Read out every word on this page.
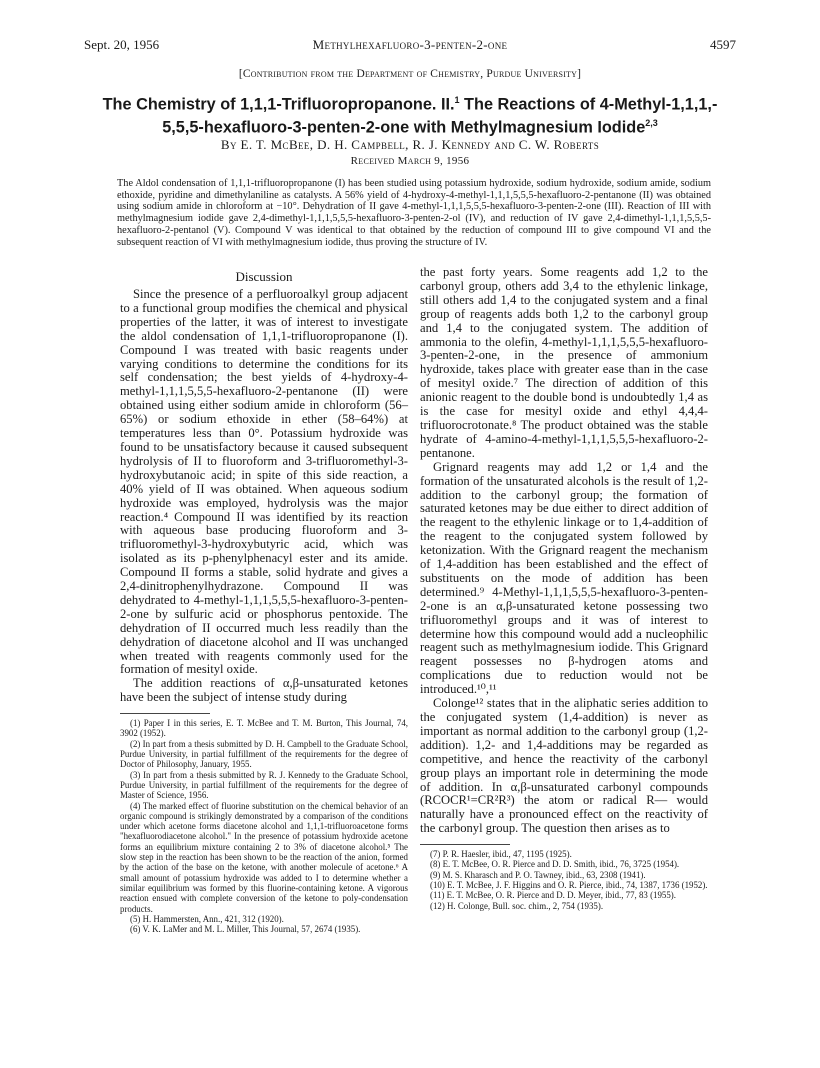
Sept. 20, 1956	Methylhexafluoro-3-penten-2-one	4597
[Contribution from the Department of Chemistry, Purdue University]
The Chemistry of 1,1,1-Trifluoropropanone. II.$^1$ The Reactions of 4-Methyl-1,1,1,-
5,5,5-hexafluoro-3-penten-2-one with Methylmagnesium Iodide$^{2,3}$
By E. T. McBee, D. H. Campbell, R. J. Kennedy and C. W. Roberts
Received March 9, 1956
The Aldol condensation of 1,1,1-trifluoropropanone (I) has been studied using potassium hydroxide, sodium hydroxide, sodium amide, sodium ethoxide, pyridine and dimethylaniline as catalysts. A 56% yield of 4-hydroxy-4-methyl-1,1,1,5,5,5-hexafluoro-2-pentanone (II) was obtained using sodium amide in chloroform at −10°. Dehydration of II gave 4-methyl-1,1,1,5,5,5-hexafluoro-3-penten-2-one (III). Reaction of III with methylmagnesium iodide gave 2,4-dimethyl-1,1,1,5,5,5-hexafluoro-3-penten-2-ol (IV), and reduction of IV gave 2,4-dimethyl-1,1,1,5,5,5-hexafluoro-2-pentanol (V). Compound V was identical to that obtained by the reduction of compound III to give compound VI and the subsequent reaction of VI with methylmagnesium iodide, thus proving the structure of IV.
Discussion

Since the presence of a perfluoroalkyl group adjacent to a functional group modifies the chemical and physical properties of the latter, it was of interest to investigate the aldol condensation of 1,1,1-trifluoropropanone (I). Compound I was treated with basic reagents under varying conditions to determine the conditions for its self condensation; the best yields of 4-hydroxy-4-methyl-1,1,1,5,5,5-hexafluoro-2-pentanone (II) were obtained using either sodium amide in chloroform (56–65%) or sodium ethoxide in ether (58–64%) at temperatures less than 0°. Potassium hydroxide was found to be unsatisfactory because it caused subsequent hydrolysis of II to fluoroform and 3-trifluoromethyl-3-hydroxybutanoic acid; in spite of this side reaction, a 40% yield of II was obtained. When aqueous sodium hydroxide was employed, hydrolysis was the major reaction.⁴ Compound II was identified by its reaction with aqueous base producing fluoroform and 3-trifluoromethyl-3-hydroxybutyric acid, which was isolated as its p-phenylphenacyl ester and its amide. Compound II forms a stable, solid hydrate and gives a 2,4-dinitrophenylhydrazone. Compound II was dehydrated to 4-methyl-1,1,1,5,5,5-hexafluoro-3-penten-2-one by sulfuric acid or phosphorus pentoxide. The dehydration of II occurred much less readily than the dehydration of diacetone alcohol and II was unchanged when treated with reagents commonly used for the formation of mesityl oxide.

The addition reactions of α,β-unsaturated ketones have been the subject of intense study during

(1) Paper I in this series, E. T. McBee and T. M. Burton, This Journal, 74, 3902 (1952).

(2) In part from a thesis submitted by D. H. Campbell to the Graduate School, Purdue University, in partial fulfillment of the requirements for the degree of Doctor of Philosophy, January, 1955.

(3) In part from a thesis submitted by R. J. Kennedy to the Graduate School, Purdue University, in partial fulfillment of the requirements for the degree of Master of Science, 1956.

(4) The marked effect of fluorine substitution on the chemical behavior of an organic compound is strikingly demonstrated by a comparison of the conditions under which acetone forms diacetone alcohol and 1,1,1-trifluoroacetone forms "hexafluorodiacetone alcohol." In the presence of potassium hydroxide acetone forms an equilibrium mixture containing 2 to 3% of diacetone alcohol.⁵ The slow step in the reaction has been shown to be the reaction of the anion, formed by the action of the base on the ketone, with another molecule of acetone.⁶ A small amount of potassium hydroxide was added to I to determine whether a similar equilibrium was formed by this fluorine-containing ketone. A vigorous reaction ensued with complete conversion of the ketone to poly-condensation products.

(5) H. Hammersten, Ann., 421, 312 (1920).

(6) V. K. LaMer and M. L. Miller, This Journal, 57, 2674 (1935).

the past forty years. Some reagents add 1,2 to the carbonyl group, others add 3,4 to the ethylenic linkage, still others add 1,4 to the conjugated system and a final group of reagents adds both 1,2 to the carbonyl group and 1,4 to the conjugated system. The addition of ammonia to the olefin, 4-methyl-1,1,1,5,5,5-hexafluoro-3-penten-2-one, in the presence of ammonium hydroxide, takes place with greater ease than in the case of mesityl oxide.⁷ The direction of addition of this anionic reagent to the double bond is undoubtedly 1,4 as is the case for mesityl oxide and ethyl 4,4,4-trifluorocrotonate.⁸ The product obtained was the stable hydrate of 4-amino-4-methyl-1,1,1,5,5,5-hexafluoro-2-pentanone.

Grignard reagents may add 1,2 or 1,4 and the formation of the unsaturated alcohols is the result of 1,2-addition to the carbonyl group; the formation of saturated ketones may be due either to direct addition of the reagent to the ethylenic linkage or to 1,4-addition of the reagent to the conjugated system followed by ketonization. With the Grignard reagent the mechanism of 1,4-addition has been established and the effect of substituents on the mode of addition has been determined.⁹ 4-Methyl-1,1,1,5,5,5-hexafluoro-3-penten-2-one is an α,β-unsaturated ketone possessing two trifluoromethyl groups and it was of interest to determine how this compound would add a nucleophilic reagent such as methylmagnesium iodide. This Grignard reagent possesses no β-hydrogen atoms and complications due to reduction would not be introduced.¹⁰,¹¹

Colonge¹² states that in the aliphatic series addition to the conjugated system (1,4-addition) is never as important as normal addition to the carbonyl group (1,2-addition). 1,2- and 1,4-additions may be regarded as competitive, and hence the reactivity of the carbonyl group plays an important role in determining the mode of addition. In α,β-unsaturated carbonyl compounds (RCOCR¹=CR²R³) the atom or radical R— would naturally have a pronounced effect on the reactivity of the carbonyl group. The question then arises as to

(7) P. R. Haesler, ibid., 47, 1195 (1925).

(8) E. T. McBee, O. R. Pierce and D. D. Smith, ibid., 76, 3725 (1954).

(9) M. S. Kharasch and P. O. Tawney, ibid., 63, 2308 (1941).

(10) E. T. McBee, J. F. Higgins and O. R. Pierce, ibid., 74, 1387, 1736 (1952).

(11) E. T. McBee, O. R. Pierce and D. D. Meyer, ibid., 77, 83 (1955).

(12) H. Colonge, Bull. soc. chim., 2, 754 (1935).
